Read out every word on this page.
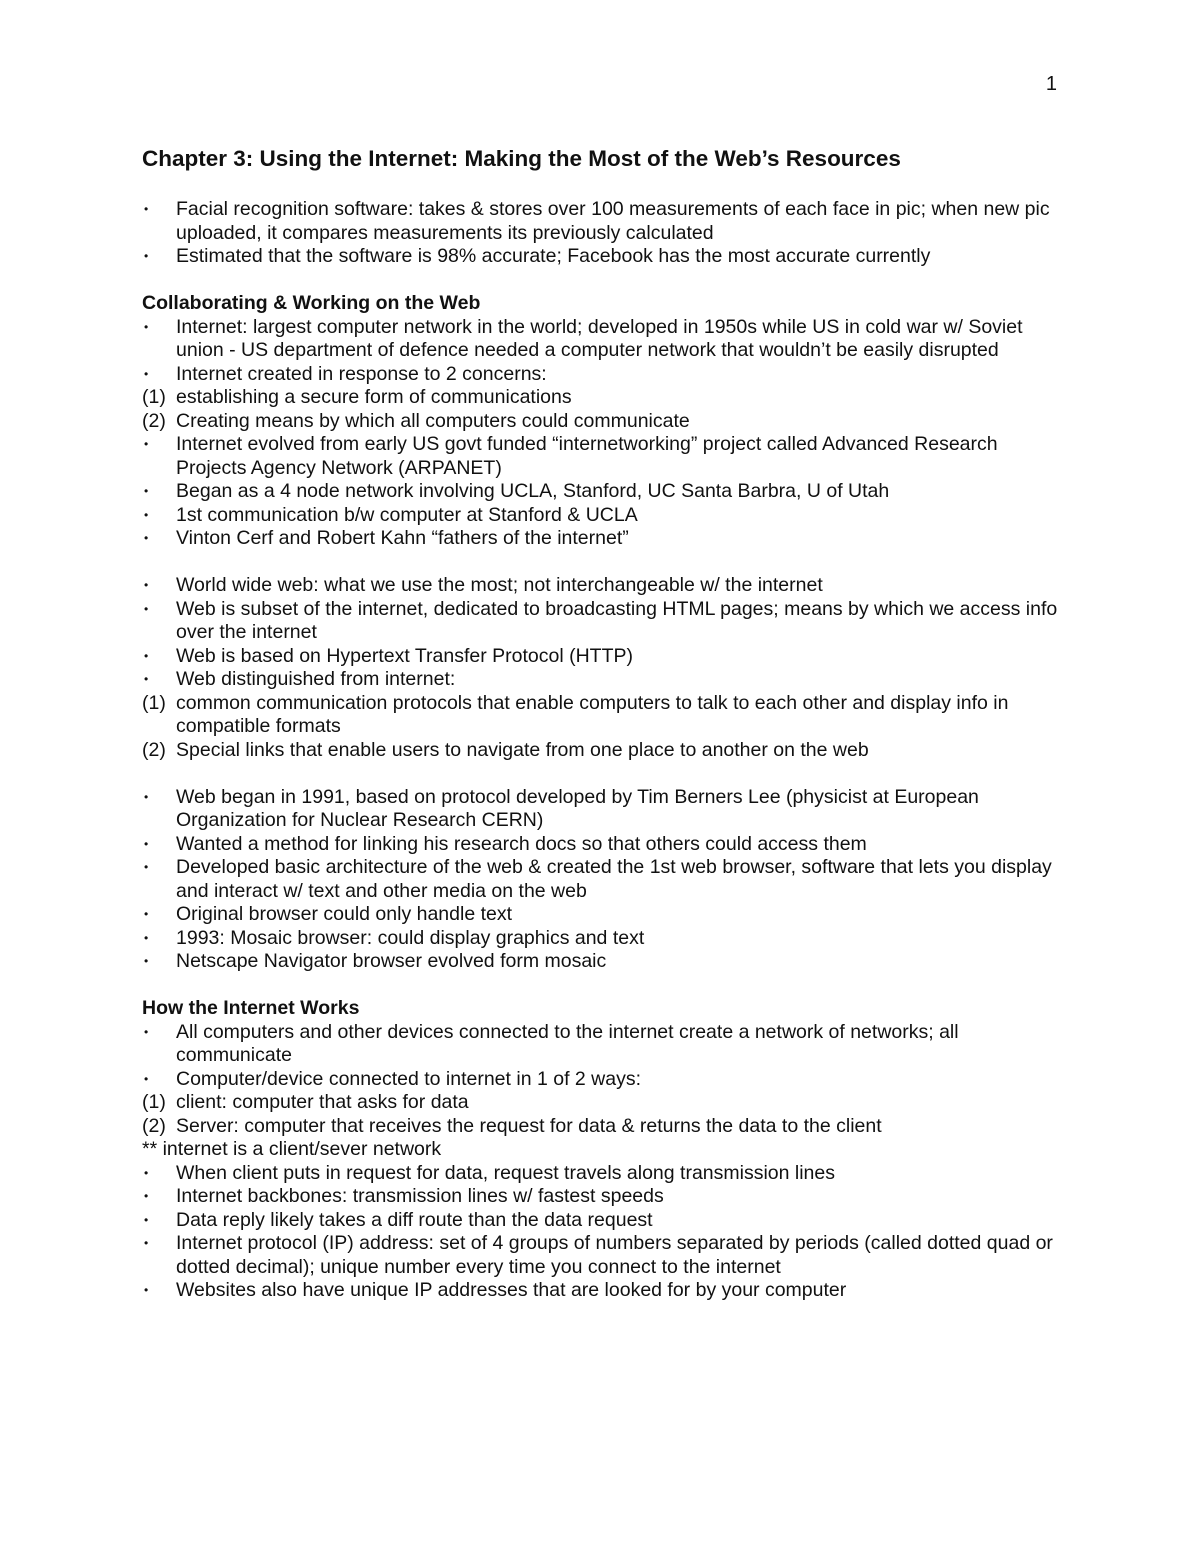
1
Chapter 3: Using the Internet: Making the Most of the Web’s Resources
•	Facial recognition software: takes & stores over 100 measurements of each face in pic; when new pic uploaded, it compares measurements its previously calculated
•	Estimated that the software is 98% accurate; Facebook has the most accurate currently
Collaborating & Working on the Web
•	Internet: largest computer network in the world; developed in 1950s while US in cold war w/ Soviet union - US department of defence needed a computer network that wouldn’t be easily disrupted
•	Internet created in response to 2 concerns:
(1) establishing a secure form of communications
(2) Creating means by which all computers could communicate
•	Internet evolved from early US govt funded “internetworking” project called Advanced Research Projects Agency Network (ARPANET)
•	Began as a 4 node network involving UCLA, Stanford, UC Santa Barbra, U of Utah
•	1st communication b/w computer at Stanford & UCLA
•	Vinton Cerf and Robert Kahn “fathers of the internet”
•	World wide web: what we use the most; not interchangeable w/ the internet
•	Web is subset of the internet, dedicated to broadcasting HTML pages; means by which we access info over the internet
•	Web is based on Hypertext Transfer Protocol (HTTP)
•	Web distinguished from internet:
(1) common communication protocols that enable computers to talk to each other and display info in compatible formats
(2) Special links that enable users to navigate from one place to another on the web
•	Web began in 1991, based on protocol developed by Tim Berners Lee (physicist at European Organization for Nuclear Research CERN)
•	Wanted a method for linking his research docs so that others could access them
•	Developed basic architecture of the web & created the 1st web browser, software that lets you display and interact w/ text and other media on the web
•	Original browser could only handle text
•	1993: Mosaic browser: could display graphics and text
•	Netscape Navigator browser evolved form mosaic
How the Internet Works
•	All computers and other devices connected to the internet create a network of networks; all communicate
•	Computer/device connected to internet in 1 of 2 ways:
(1) client: computer that asks for data
(2) Server: computer that receives the request for data & returns the data to the client
** internet is a client/sever network
•	When client puts in request for data, request travels along transmission lines
•	Internet backbones: transmission lines w/ fastest speeds
•	Data reply likely takes a diff route than the data request
•	Internet protocol (IP) address: set of 4 groups of numbers separated by periods (called dotted quad or dotted decimal); unique number every time you connect to the internet
•	Websites also have unique IP addresses that are looked for by your computer
